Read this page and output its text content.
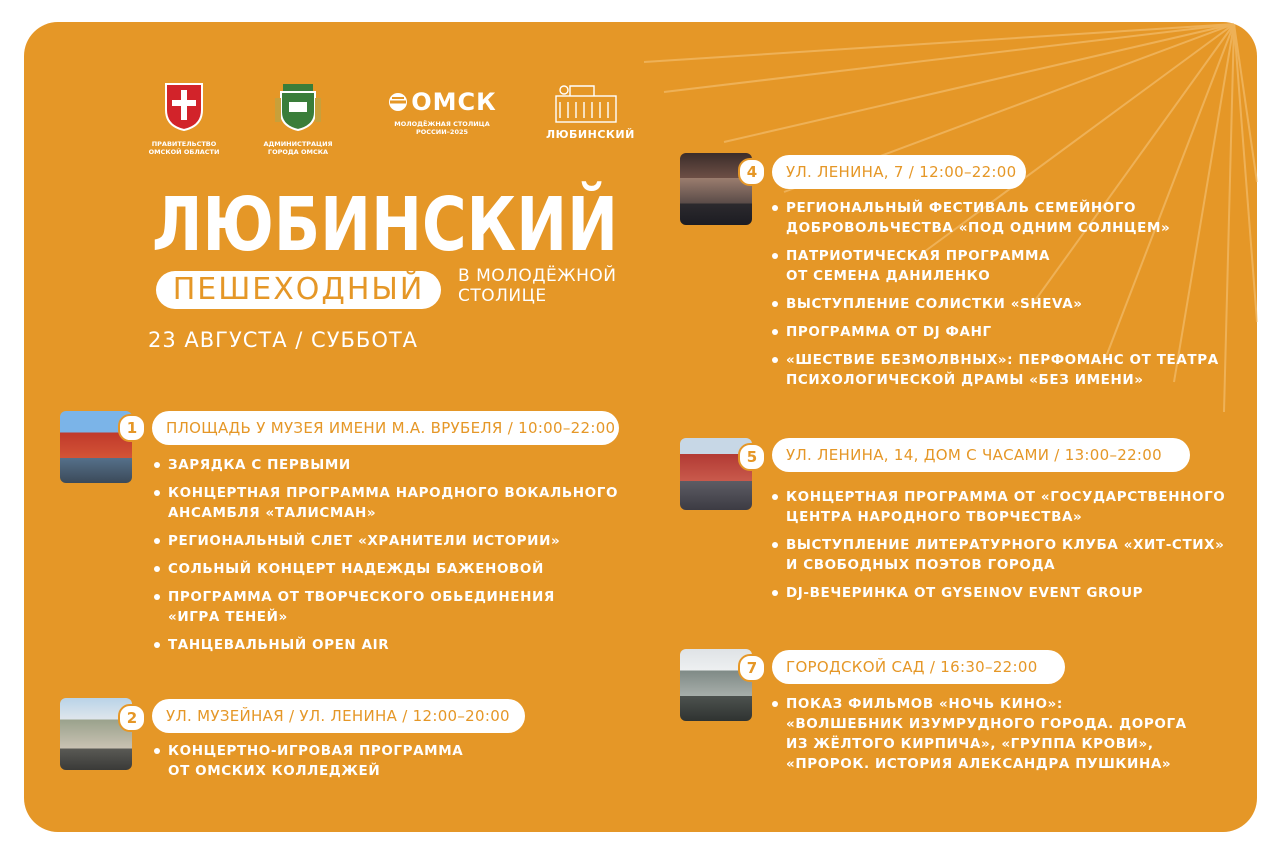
ПРАВИТЕЛЬСТВО
ОМСКОЙ ОБЛАСТИ
АДМИНИСТРАЦИЯ
ГОРОДА ОМСКА
ОМСК
МОЛОДЁЖНАЯ СТОЛИЦА
РОССИИ–2025	ЛЮБИНСКИЙ
ЛЮБИНСКИЙ
ПЕШЕХОДНЫЙ	В МОЛОДЁЖНОЙ
СТОЛИЦЕ
23 АВГУСТА / СУББОТА
1	ПЛОЩАДЬ У МУЗЕЯ ИМЕНИ М.А. ВРУБЕЛЯ / 10:00–22:00
ЗАРЯДКА С ПЕРВЫМИ
КОНЦЕРТНАЯ ПРОГРАММА НАРОДНОГО ВОКАЛЬНОГО
АНСАМБЛЯ «ТАЛИСМАН»
РЕГИОНАЛЬНЫЙ СЛЕТ «ХРАНИТЕЛИ ИСТОРИИ»
СОЛЬНЫЙ КОНЦЕРТ НАДЕЖДЫ БАЖЕНОВОЙ
ПРОГРАММА ОТ ТВОРЧЕСКОГО ОБЬЕДИНЕНИЯ
«ИГРА ТЕНЕЙ»
ТАНЦЕВАЛЬНЫЙ OPEN AIR
2	УЛ. МУЗЕЙНАЯ / УЛ. ЛЕНИНА / 12:00–20:00
КОНЦЕРТНО-ИГРОВАЯ ПРОГРАММА
ОТ ОМСКИХ КОЛЛЕДЖЕЙ
4	УЛ. ЛЕНИНА, 7 / 12:00–22:00
РЕГИОНАЛЬНЫЙ ФЕСТИВАЛЬ СЕМЕЙНОГО
ДОБРОВОЛЬЧЕСТВА «ПОД ОДНИМ СОЛНЦЕМ»
ПАТРИОТИЧЕСКАЯ ПРОГРАММА
ОТ СЕМЕНА ДАНИЛЕНКО
ВЫСТУПЛЕНИЕ СОЛИСТКИ «SHEVA»
ПРОГРАММА ОТ DJ ФАНГ
«ШЕСТВИЕ БЕЗМОЛВНЫХ»: ПЕРФОМАНС ОТ ТЕАТРА
ПСИХОЛОГИЧЕСКОЙ ДРАМЫ «БЕЗ ИМЕНИ»
5	УЛ. ЛЕНИНА, 14, ДОМ С ЧАСАМИ / 13:00–22:00
КОНЦЕРТНАЯ ПРОГРАММА ОТ «ГОСУДАРСТВЕННОГО
ЦЕНТРА НАРОДНОГО ТВОРЧЕСТВА»
ВЫСТУПЛЕНИЕ ЛИТЕРАТУРНОГО КЛУБА «ХИТ-СТИХ»
И СВОБОДНЫХ ПОЭТОВ ГОРОДА
DJ-ВЕЧЕРИНКА ОТ GYSEINOV EVENT GROUP
7	ГОРОДСКОЙ САД / 16:30–22:00
ПОКАЗ ФИЛЬМОВ «НОЧЬ КИНО»:
«ВОЛШЕБНИК ИЗУМРУДНОГО ГОРОДА. ДОРОГА
ИЗ ЖЁЛТОГО КИРПИЧА», «ГРУППА КРОВИ»,
«ПРОРОК. ИСТОРИЯ АЛЕКСАНДРА ПУШКИНА»
